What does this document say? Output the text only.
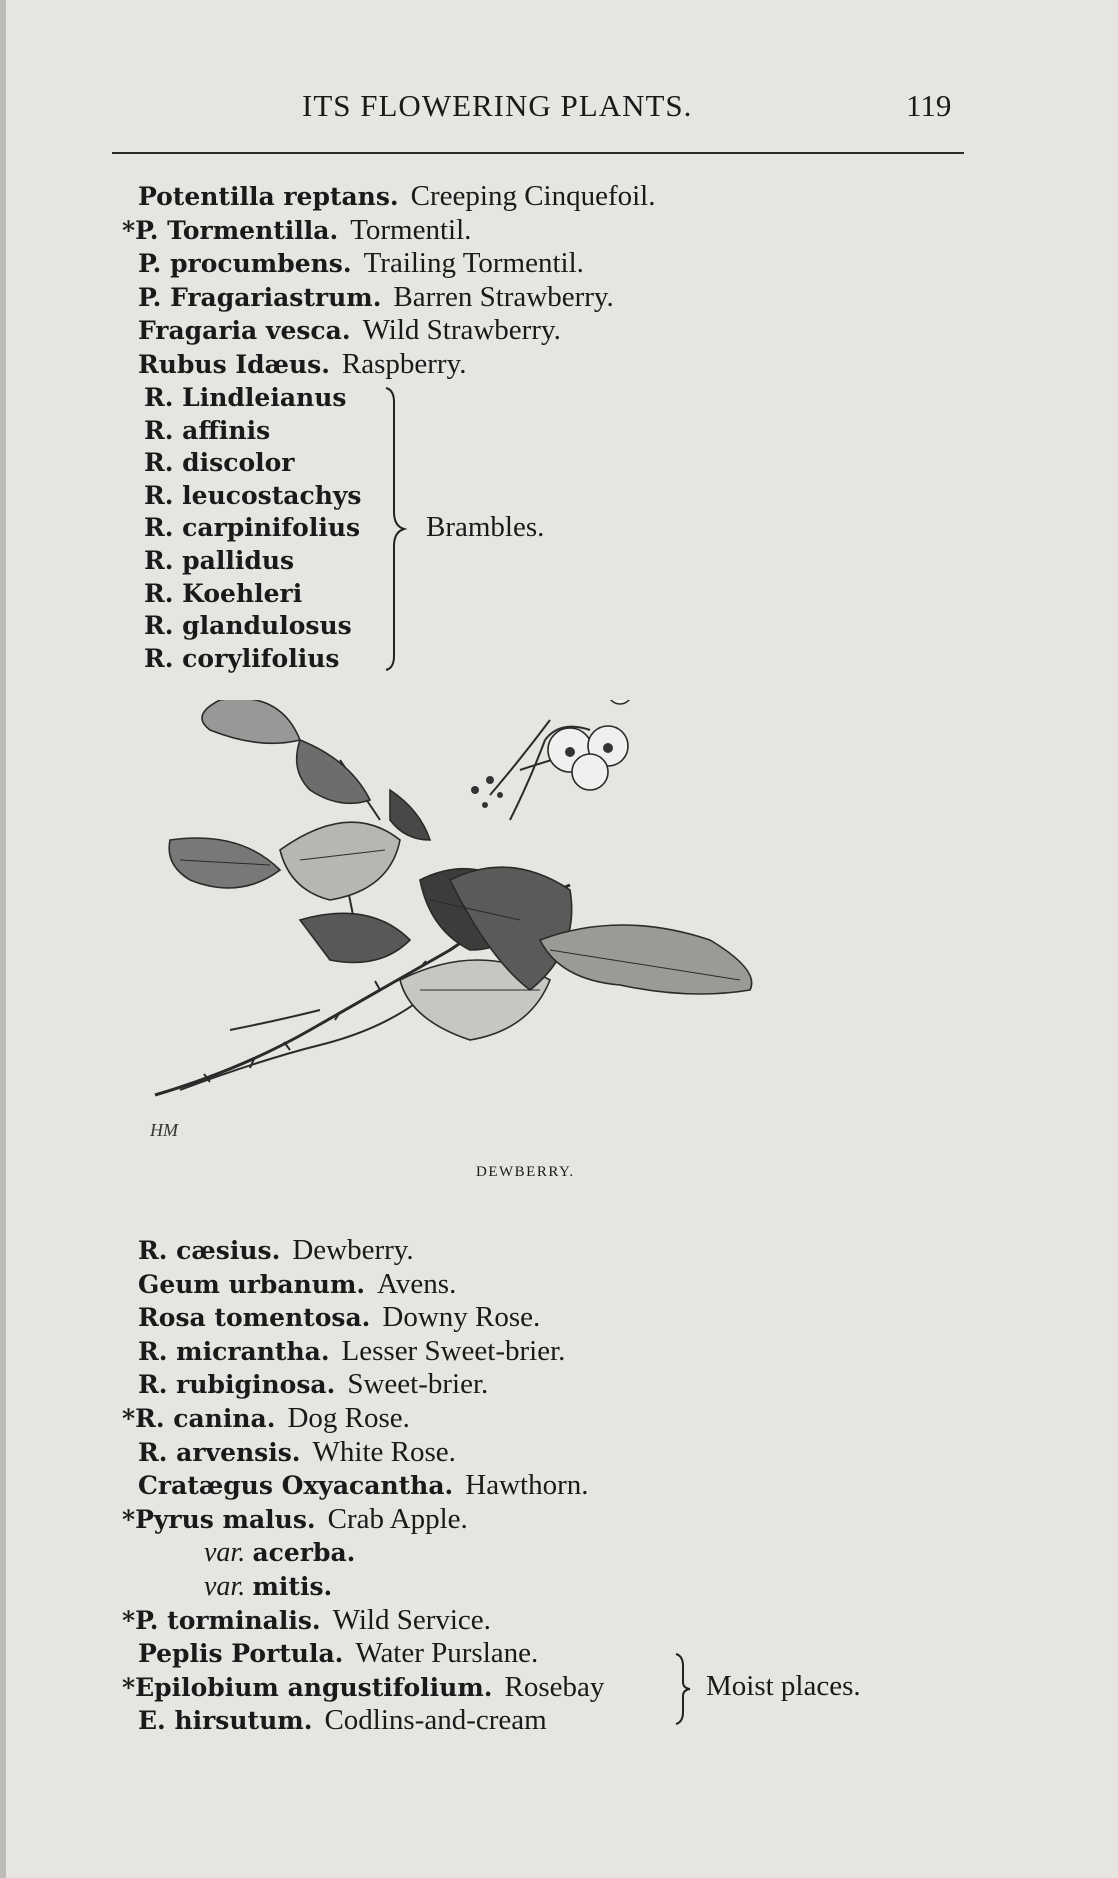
ITS FLOWERING PLANTS.	119
Potentilla reptans. Creeping Cinquefoil.
*P. Tormentilla. Tormentil.
P. procumbens. Trailing Tormentil.
P. Fragariastrum. Barren Strawberry.
Fragaria vesca. Wild Strawberry.
Rubus Idæus. Raspberry.
R. Lindleianus
R. affinis
R. discolor
R. leucostachys
R. carpinifolius
R. pallidus
R. Koehleri
R. glandulosus
R. corylifolius
Brambles.
HM
DEWBERRY.
R. cæsius. Dewberry.
Geum urbanum. Avens.
Rosa tomentosa. Downy Rose.
R. micrantha. Lesser Sweet-brier.
R. rubiginosa. Sweet-brier.
*R. canina. Dog Rose.
R. arvensis. White Rose.
Cratægus Oxyacantha. Hawthorn.
*Pyrus malus. Crab Apple.
var. acerba.
var. mitis.
*P. torminalis. Wild Service.
Peplis Portula. Water Purslane.
*Epilobium angustifolium. Rosebay
E. hirsutum. Codlins-and-cream
Moist places.
